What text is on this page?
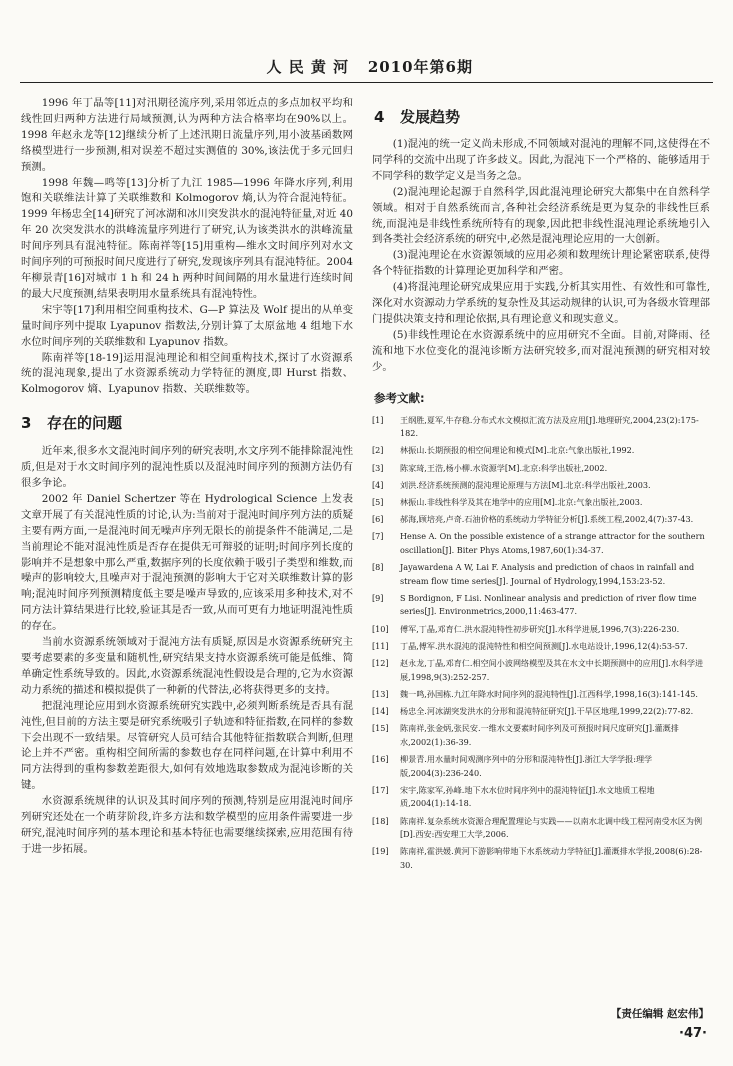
人 民 黄 河 2010年第6期

1996 年丁晶等[11]对汛期径流序列,采用邻近点的多点加权平均和线性回归两种方法进行局域预测,认为两种方法合格率均在90%以上。1998 年赵永龙等[12]继续分析了上述汛期日流量序列,用小波基函数网络模型进行一步预测,相对误差不超过实测值的 30%,该法优于多元回归预测。

1998 年魏—鸣等[13]分析了九江 1985—1996 年降水序列,利用饱和关联维法计算了关联维数和 Kolmogorov 熵,认为符合混沌特征。1999 年杨忠全[14]研究了河冰湖和冰川突发洪水的混沌特征量,对近 40 年 20 次突发洪水的洪峰流量序列进行了研究,认为该类洪水的洪峰流量时间序列具有混沌特征。陈南祥等[15]用重构—维水文时间序列对水文时间序列的可预报时间尺度进行了研究,发现该序列具有混沌特征。2004 年柳景青[16]对城市 1 h 和 24 h 两种时间间隔的用水量进行连续时间的最大尺度预测,结果表明用水量系统具有混沌特性。

宋宇等[17]利用相空间重构技术、G—P 算法及 Wolf 提出的从单变量时间序列中提取 Lyapunov 指数法,分别计算了太原盆地 4 组地下水水位时间序列的关联维数和 Lyapunov 指数。

陈南祥等[18-19]运用混沌理论和相空间重构技术,探讨了水资源系统的混沌现象,提出了水资源系统动力学特征的测度,即 Hurst 指数、Kolmogorov 熵、Lyapunov 指数、关联维数等。

3 存在的问题

近年来,很多水文混沌时间序列的研究表明,水文序列不能排除混沌性质,但是对于水文时间序列的混沌性质以及混沌时间序列的预测方法仍有很多争论。

2002 年 Daniel Schertzer 等在 Hydrological Science 上发表文章开展了有关混沌性质的讨论,认为:当前对于混沌时间序列方法的质疑主要有两方面,一是混沌时间无噪声序列无限长的前提条件不能满足,二是当前理论不能对混沌性质是否存在提供无可辩驳的证明;时间序列长度的影响并不是想象中那么严重,数据序列的长度依赖于吸引子类型和维数,而噪声的影响较大,且噪声对于混沌预测的影响大于它对关联维数计算的影响;混沌时间序列预测精度低主要是噪声导致的,应该采用多种技术,对不同方法计算结果进行比较,验证其是否一致,从而可更有力地证明混沌性质的存在。

当前水资源系统领域对于混沌方法有质疑,原因是水资源系统研究主要考虑要素的多变量和随机性,研究结果支持水资源系统可能是低维、简单确定性系统导致的。因此,水资源系统混沌性假设是合理的,它为水资源动力系统的描述和模拟提供了一种新的代替法,必将获得更多的支持。

把混沌理论应用到水资源系统研究实践中,必须判断系统是否具有混沌性,但目前的方法主要是研究系统吸引子轨迹和特征指数,在同样的参数下会出现不一致结果。尽管研究人员可结合其他特征指数联合判断,但理论上并不严密。重构相空间所需的参数也存在同样问题,在计算中利用不同方法得到的重构参数差距很大,如何有效地选取参数成为混沌诊断的关键。

水资源系统规律的认识及其时间序列的预测,特别是应用混沌时间序列研究还处在一个萌芽阶段,许多方法和数学模型的应用条件需要进一步研究,混沌时间序列的基本理论和基本特征也需要继续探索,应用范围有待于进一步拓展。

4 发展趋势

(1)混沌的统一定义尚未形成,不同领域对混沌的理解不同,这使得在不同学科的交流中出现了许多歧义。因此,为混沌下一个严格的、能够适用于不同学科的数学定义是当务之急。

(2)混沌理论起源于自然科学,因此混沌理论研究大都集中在自然科学领域。相对于自然系统而言,各种社会经济系统是更为复杂的非线性巨系统,而混沌是非线性系统所特有的现象,因此把非线性混沌理论系统地引入到各类社会经济系统的研究中,必然是混沌理论应用的一大创新。

(3)混沌理论在水资源领域的应用必须和数理统计理论紧密联系,使得各个特征指数的计算理论更加科学和严密。

(4)将混沌理论研究成果应用于实践,分析其实用性、有效性和可靠性,深化对水资源动力学系统的复杂性及其运动规律的认识,可为各级水管理部门提供决策支持和理论依据,具有理论意义和现实意义。

(5)非线性理论在水资源系统中的应用研究不全面。目前,对降雨、径流和地下水位变化的混沌诊断方法研究较多,而对混沌预测的研究相对较少。

参考文献:
[1]	王纲胜,夏军,牛存稳.分布式水文模拟汇流方法及应用[J].地理研究,2004,23(2):175-182.
[2]	林振山.长期预报的相空间理论和模式[M].北京:气象出版社,1992.
[3]	陈家琦,王浩,杨小柳.水资源学[M].北京:科学出版社,2002.
[4]	刘洪.经济系统预测的混沌理论原理与方法[M].北京:科学出版社,2003.
[5]	林振山.非线性科学及其在地学中的应用[M].北京:气象出版社,2003.
[6]	郝海,顾培亮,卢奇.石油价格的系统动力学特征分析[J].系统工程,2002,4(7):37-43.
[7]	Hense A. On the possible existence of a strange attractor for the southern oscillation[J]. Biter Phys Atoms,1987,60(1):34-37.
[8]	Jayawardena A W, Lai F. Analysis and prediction of chaos in rainfall and stream flow time series[J]. Journal of Hydrology,1994,153:23-52.
[9]	S Bordignon, F Lisi. Nonlinear analysis and prediction of river flow time series[J]. Environmetrics,2000,11:463-477.
[10]	傅军,丁晶,邓育仁.洪水混沌特性初步研究[J].水科学进展,1996,7(3):226-230.
[11]	丁晶,傅军.洪水混沌的混沌特性和相空间预测[J].水电站设计,1996,12(4):53-57.
[12]	赵永龙,丁晶,邓育仁.相空间小波网络模型及其在水文中长期预测中的应用[J].水科学进展,1998,9(3):252-257.
[13]	魏一鸣,孙国栋.九江年降水时间序列的混沌特性[J].江西科学,1998,16(3):141-145.
[14]	杨忠全.河冰湖突发洪水的分形和混沌特征研究[J].干旱区地理,1999,22(2):77-82.
[15]	陈南祥,张金炳,张民安.一维水文要素时间序列及可预报时间尺度研究[J].灌溉排水,2002(1):36-39.
[16]	柳景青.用水量时间观测序列中的分形和混沌特性[J].浙江大学学报:理学版,2004(3):236-240.
[17]	宋宇,陈家军,孙峰.地下水水位时间序列中的混沌特征[J].水文地质工程地质,2004(1):14-18.
[18]	陈南祥.复杂系统水资源合理配置理论与实践——以南水北调中线工程河南受水区为例[D].西安:西安理工大学,2006.
[19]	陈南祥,霍洪媛.黄河下游影响带地下水系统动力学特征[J].灌溉排水学报,2008(6):28-30.
【责任编辑 赵宏伟】
·47·
